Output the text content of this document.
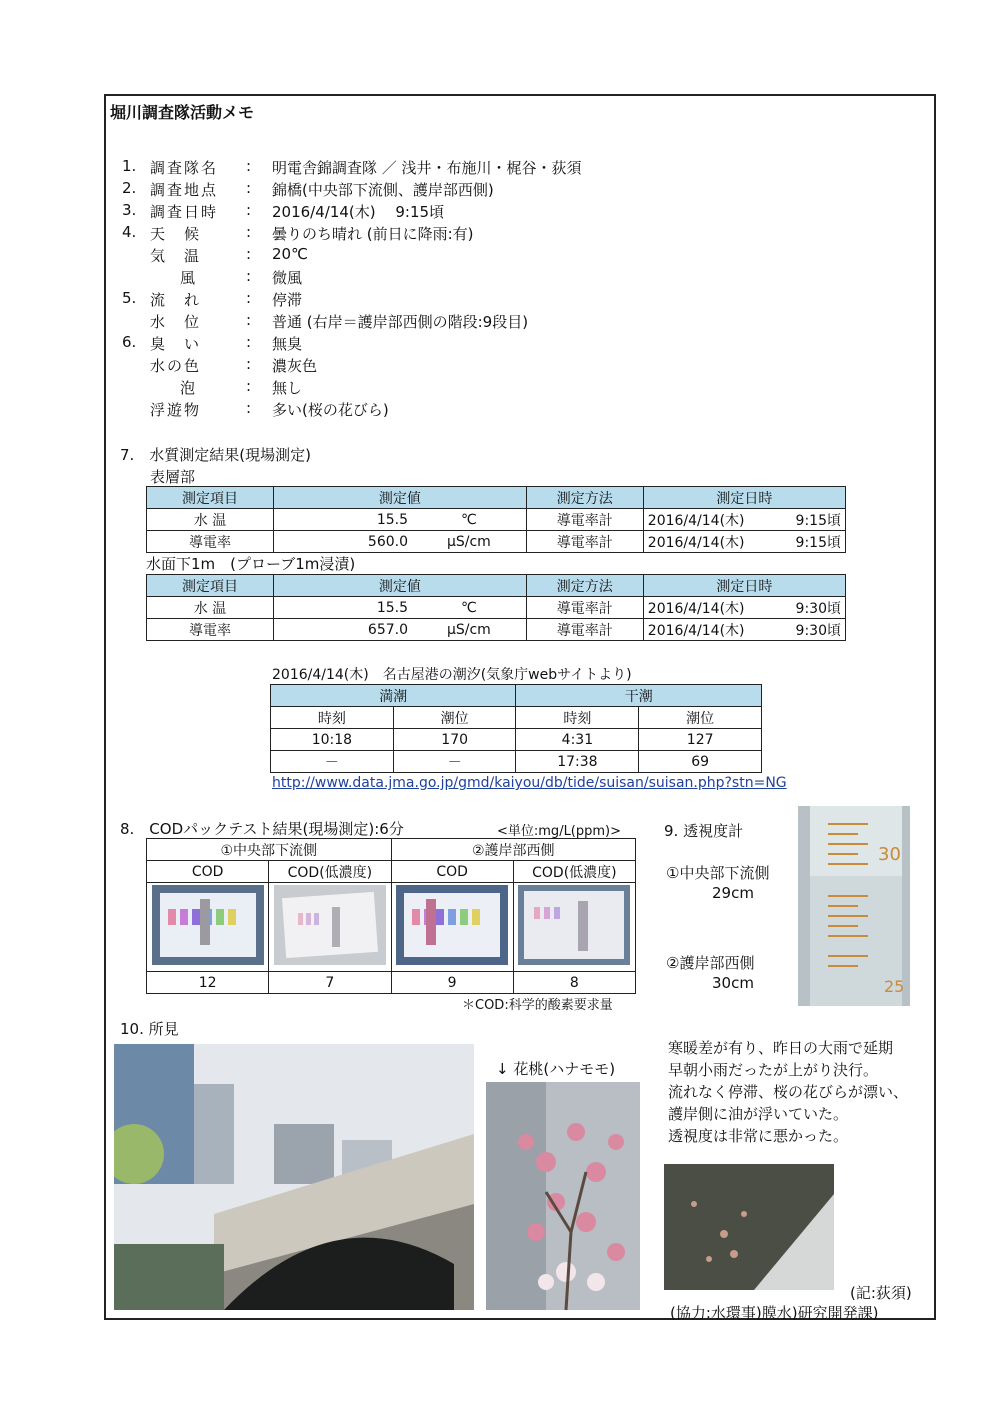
堀川調査隊活動メモ
1. 調査隊名 : 明電舎錦調査隊 ／ 浅井・布施川・梶谷・荻須
2. 調査地点 : 錦橋(中央部下流側、護岸部西側)
3. 調査日時 : 2016/4/14(木)　 9:15頃
4. 天　候	: 曇りのち晴れ (前日に降雨:有)
気　温	: 20℃
風	: 微風
5. 流　れ	: 停滞
水　位	: 普通 (右岸＝護岸部西側の階段:9段目)
6. 臭　い	: 無臭
水の色	: 濃灰色
泡	: 無し
浮遊物	: 多い(桜の花びら)
7.　水質測定結果(現場測定)
表層部
測定項目	測定値		測定方法	測定日時	
水 温	15.5	℃	導電率計	2016/4/14(木)	9:15頃
導電率	560.0	μS/cm	導電率計	2016/4/14(木)	9:15頃
水面下1m　(プローブ1m浸漬)
測定項目	測定値		測定方法	測定日時	
水 温	15.5	℃	導電率計	2016/4/14(木)	9:30頃
導電率	657.0	μS/cm	導電率計	2016/4/14(木)	9:30頃
2016/4/14(木)　名古屋港の潮汐(気象庁webサイトより)
満潮		干潮	
時刻	潮位	時刻	潮位
10:18	170	4:31	127
－	－	17:38	69
http://www.data.jma.go.jp/gmd/kaiyou/db/tide/suisan/suisan.php?stn=NG
8.　CODパックテスト結果(現場測定):6分	<単位:mg/L(ppm)>
①中央部下流側		②護岸部西側	
COD	COD(低濃度)	COD	COD(低濃度)

12	7	9	8
＊COD:科学的酸素要求量
9. 透視度計
①中央部下流側
29cm
②護岸部西側
30cm
30
25
10. 所見
↓ 花桃(ハナモモ)
寒暖差が有り、昨日の大雨で延期
早朝小雨だったが上がり決行。
流れなく停滞、桜の花びらが漂い、
護岸側に油が浮いていた。
透視度は非常に悪かった。
(記:荻須)
(協力:水環事)膜水)研究開発課)
